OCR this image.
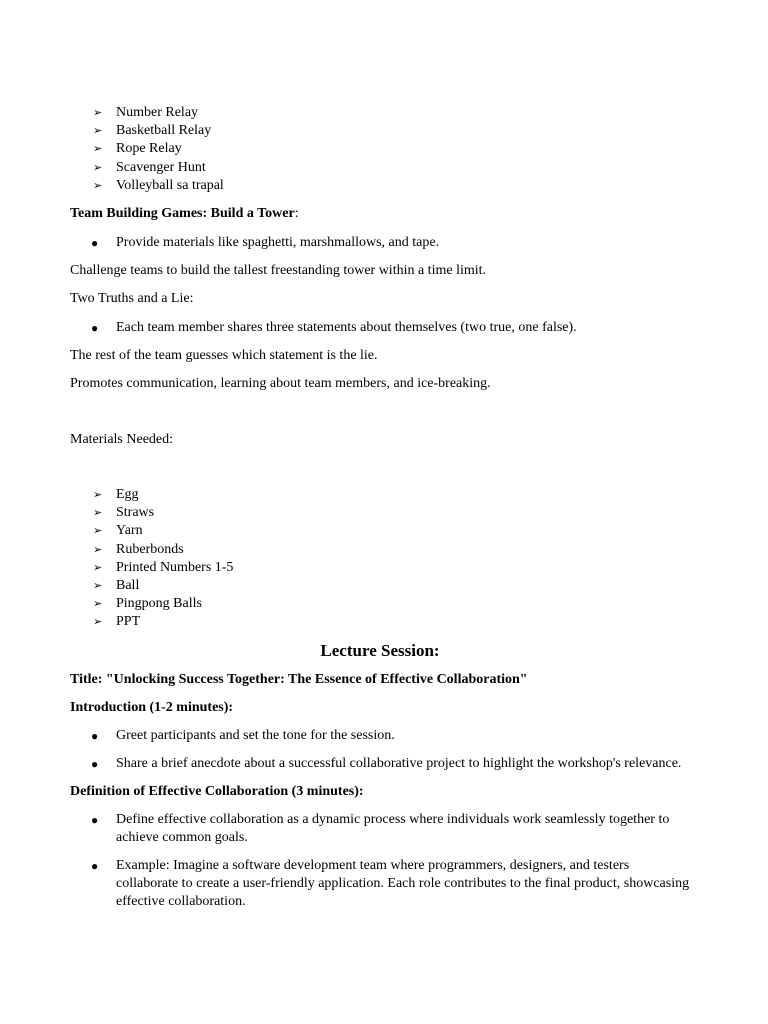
➢ Number Relay
➢ Basketball Relay
➢ Rope Relay
➢ Scavenger Hunt
➢ Volleyball sa trapal

Team Building Games: Build a Tower:

● Provide materials like spaghetti, marshmallows, and tape.

Challenge teams to build the tallest freestanding tower within a time limit.

Two Truths and a Lie:

● Each team member shares three statements about themselves (two true, one false).

The rest of the team guesses which statement is the lie.

Promotes communication, learning about team members, and ice-breaking.

Materials Needed:

➢ Egg
➢ Straws
➢ Yarn
➢ Ruberbonds
➢ Printed Numbers 1-5
➢ Ball
➢ Pingpong Balls
➢ PPT

Lecture Session:

Title: "Unlocking Success Together: The Essence of Effective Collaboration"

Introduction (1-2 minutes):

● Greet participants and set the tone for the session.
● Share a brief anecdote about a successful collaborative project to highlight the workshop's relevance.

Definition of Effective Collaboration (3 minutes):

● Define effective collaboration as a dynamic process where individuals work seamlessly together to achieve common goals.
● Example: Imagine a software development team where programmers, designers, and testers collaborate to create a user-friendly application. Each role contributes to the final product, showcasing effective collaboration.
